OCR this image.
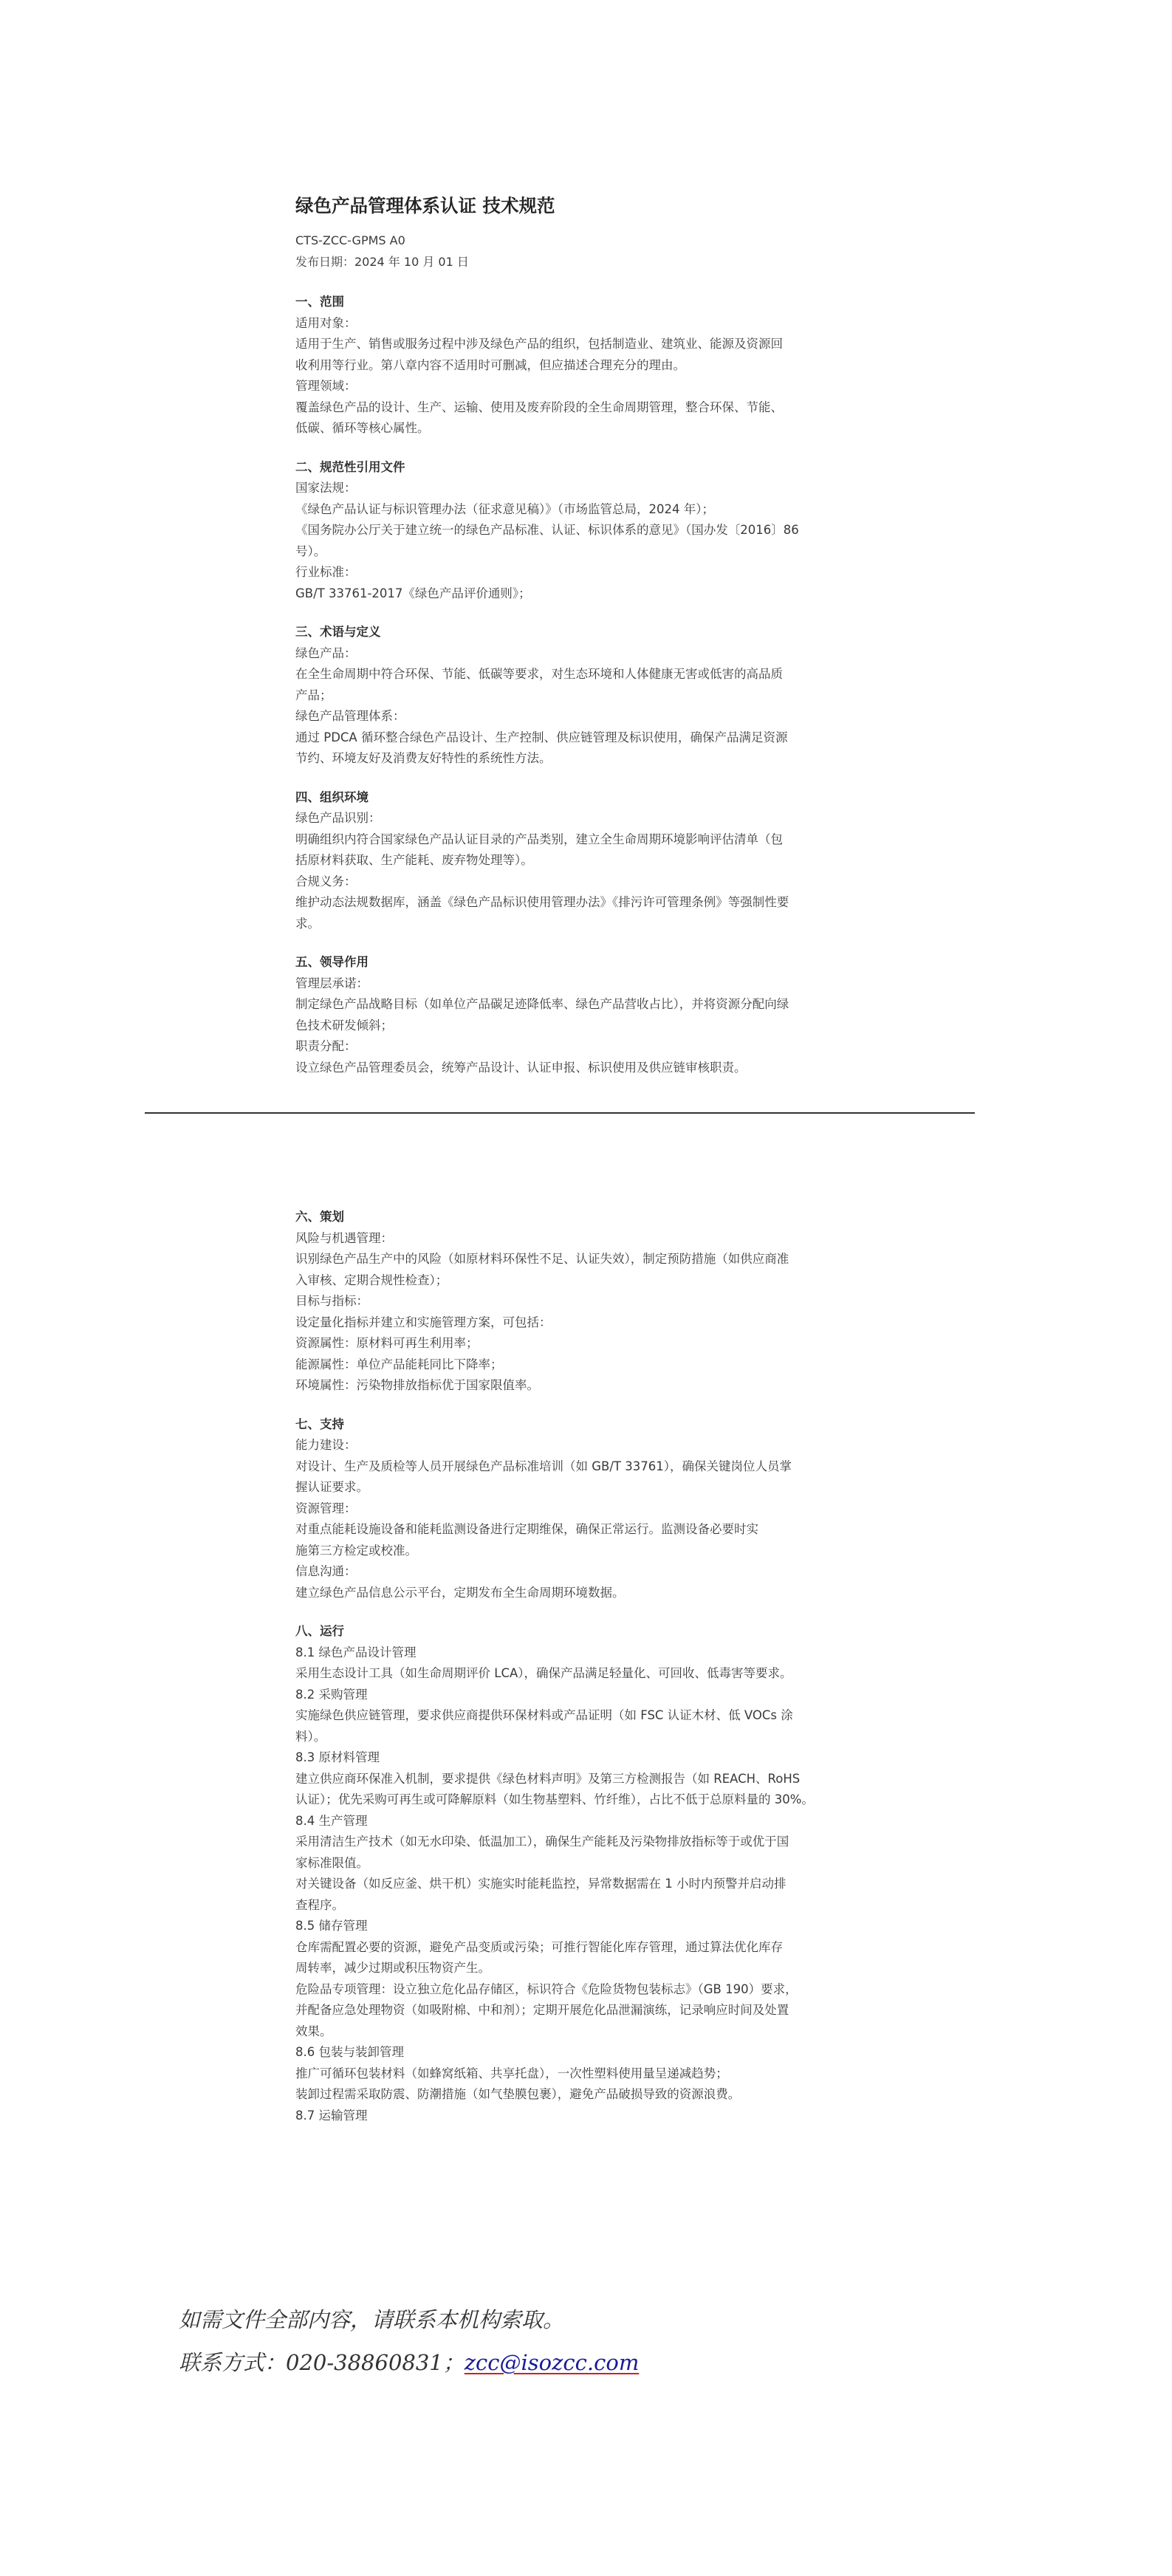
绿色产品管理体系认证 技术规范

CTS-ZCC-GPMS A0

发布日期：2024 年 10 月 01 日

一、范围

适用对象：

适用于生产、销售或服务过程中涉及绿色产品的组织，包括制造业、建筑业、能源及资源回

收利用等行业。第八章内容不适用时可删减，但应描述合理充分的理由。

管理领域：

覆盖绿色产品的设计、生产、运输、使用及废弃阶段的全生命周期管理，整合环保、节能、

低碳、循环等核心属性。

二、规范性引用文件

国家法规：

《绿色产品认证与标识管理办法（征求意见稿）》（市场监管总局，2024 年）；

《国务院办公厅关于建立统一的绿色产品标准、认证、标识体系的意见》（国办发〔2016〕86

号）。

行业标准：

GB/T 33761-2017《绿色产品评价通则》；

三、术语与定义

绿色产品：

在全生命周期中符合环保、节能、低碳等要求，对生态环境和人体健康无害或低害的高品质

产品；

绿色产品管理体系：

通过 PDCA 循环整合绿色产品设计、生产控制、供应链管理及标识使用，确保产品满足资源

节约、环境友好及消费友好特性的系统性方法。

四、组织环境

绿色产品识别：

明确组织内符合国家绿色产品认证目录的产品类别，建立全生命周期环境影响评估清单（包

括原材料获取、生产能耗、废弃物处理等）。

合规义务：

维护动态法规数据库，涵盖《绿色产品标识使用管理办法》《排污许可管理条例》等强制性要

求。

五、领导作用

管理层承诺：

制定绿色产品战略目标（如单位产品碳足迹降低率、绿色产品营收占比），并将资源分配向绿

色技术研发倾斜；

职责分配：

设立绿色产品管理委员会，统筹产品设计、认证申报、标识使用及供应链审核职责。

六、策划

风险与机遇管理：

识别绿色产品生产中的风险（如原材料环保性不足、认证失效），制定预防措施（如供应商准

入审核、定期合规性检查）；

目标与指标：

设定量化指标并建立和实施管理方案，可包括：

资源属性：原材料可再生利用率；

能源属性：单位产品能耗同比下降率；

环境属性：污染物排放指标优于国家限值率。

七、支持

能力建设：

对设计、生产及质检等人员开展绿色产品标准培训（如 GB/T 33761），确保关键岗位人员掌

握认证要求。

资源管理：

对重点能耗设施设备和能耗监测设备进行定期维保，确保正常运行。监测设备必要时实

施第三方检定或校准。

信息沟通：

建立绿色产品信息公示平台，定期发布全生命周期环境数据。

八、运行

8.1 绿色产品设计管理

采用生态设计工具（如生命周期评价 LCA），确保产品满足轻量化、可回收、低毒害等要求。

8.2 采购管理

实施绿色供应链管理，要求供应商提供环保材料或产品证明（如 FSC 认证木材、低 VOCs 涂

料）。

8.3 原材料管理

建立供应商环保准入机制，要求提供《绿色材料声明》及第三方检测报告（如 REACH、RoHS

认证）；优先采购可再生或可降解原料（如生物基塑料、竹纤维），占比不低于总原料量的 30%。

8.4 生产管理

采用清洁生产技术（如无水印染、低温加工），确保生产能耗及污染物排放指标等于或优于国

家标准限值。

对关键设备（如反应釜、烘干机）实施实时能耗监控，异常数据需在 1 小时内预警并启动排

查程序。

8.5 储存管理

仓库需配置必要的资源，避免产品变质或污染；可推行智能化库存管理，通过算法优化库存

周转率，减少过期或积压物资产生。

危险品专项管理：设立独立危化品存储区，标识符合《危险货物包装标志》（GB 190）要求，

并配备应急处理物资（如吸附棉、中和剂）；定期开展危化品泄漏演练，记录响应时间及处置

效果。

8.6 包装与装卸管理

推广可循环包装材料（如蜂窝纸箱、共享托盘），一次性塑料使用量呈递减趋势；

装卸过程需采取防震、防潮措施（如气垫膜包裹），避免产品破损导致的资源浪费。

8.7 运输管理

如需文件全部内容，请联系本机构索取。
联系方式：020-38860831；zcc@isozcc.com
